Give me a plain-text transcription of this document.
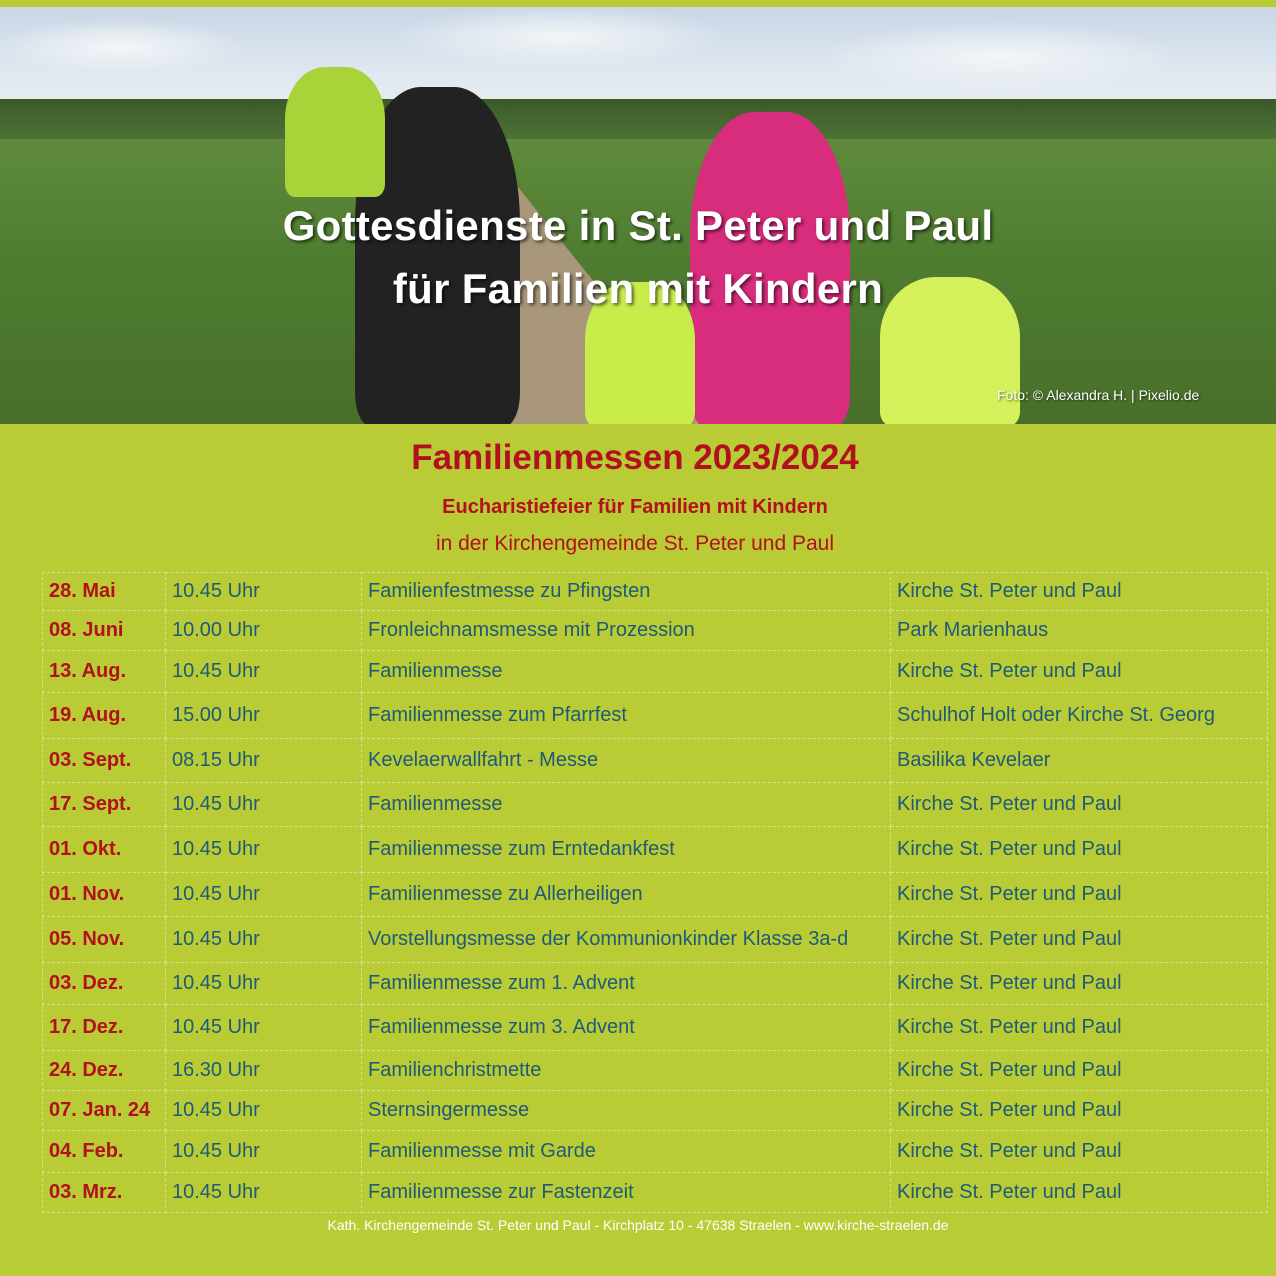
Gottesdienste in St. Peter und Paul
für Familien mit Kindern
Foto: © Alexandra H. | Pixelio.de
Familienmessen 2023/2024
Eucharistiefeier für Familien mit Kindern
in der Kirchengemeinde St. Peter und Paul
28. Mai	10.45 Uhr	Familienfestmesse zu Pfingsten	Kirche St. Peter und Paul
08. Juni	10.00 Uhr	Fronleichnamsmesse mit Prozession	Park Marienhaus
13. Aug.	10.45 Uhr	Familienmesse	Kirche St. Peter und Paul
19. Aug.	15.00 Uhr	Familienmesse zum Pfarrfest	Schulhof Holt oder Kirche St. Georg
03. Sept.	08.15 Uhr	Kevelaerwallfahrt - Messe	Basilika Kevelaer
17. Sept.	10.45 Uhr	Familienmesse	Kirche St. Peter und Paul
01. Okt.	10.45 Uhr	Familienmesse zum Erntedankfest	Kirche St. Peter und Paul
01. Nov.	10.45 Uhr	Familienmesse zu Allerheiligen	Kirche St. Peter und Paul
05. Nov.	10.45 Uhr	Vorstellungsmesse der Kommunionkinder Klasse 3a-d	Kirche St. Peter und Paul
03. Dez.	10.45 Uhr	Familienmesse zum 1. Advent	Kirche St. Peter und Paul
17. Dez.	10.45 Uhr	Familienmesse zum 3. Advent	Kirche St. Peter und Paul
24. Dez.	16.30 Uhr	Familienchristmette	Kirche St. Peter und Paul
07. Jan. 24	10.45 Uhr	Sternsingermesse	Kirche St. Peter und Paul
04. Feb.	10.45 Uhr	Familienmesse mit Garde	Kirche St. Peter und Paul
03. Mrz.	10.45 Uhr	Familienmesse zur Fastenzeit	Kirche St. Peter und Paul
Kath. Kirchengemeinde St. Peter und Paul - Kirchplatz 10 - 47638 Straelen - www.kirche-straelen.de
